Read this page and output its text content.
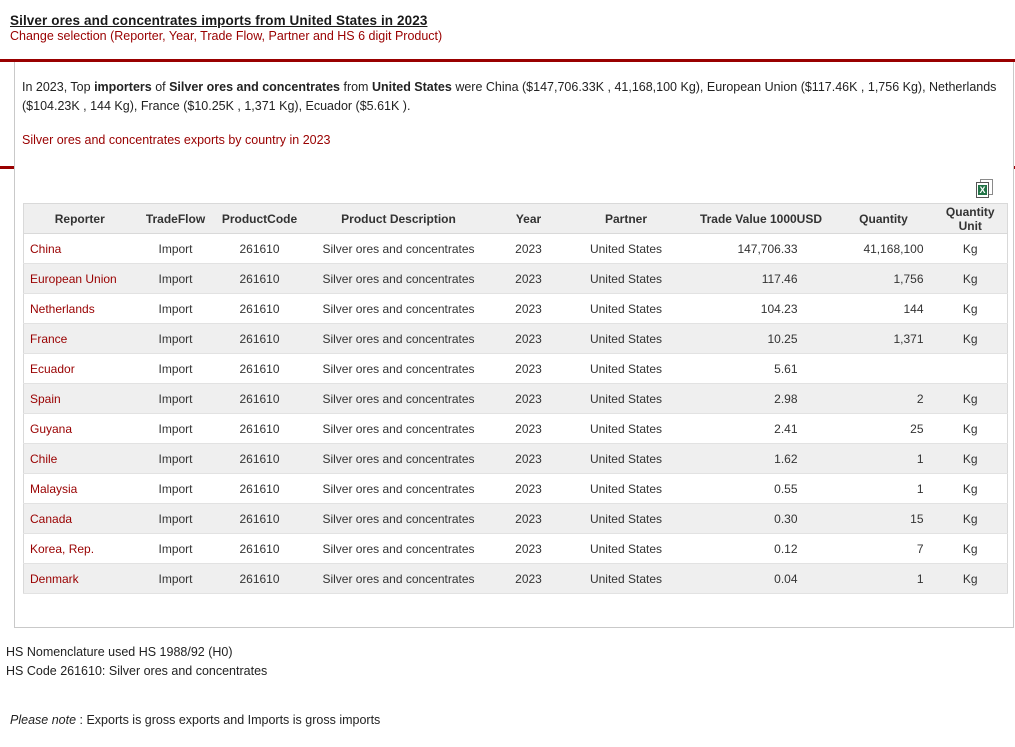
Silver ores and concentrates imports from United States in 2023
Change selection (Reporter, Year, Trade Flow, Partner and HS 6 digit Product)

In 2023, Top importers of Silver ores and concentrates from United States were China ($147,706.33K , 41,168,100 Kg), European Union ($117.46K , 1,756 Kg), Netherlands ($104.23K , 144 Kg), France ($10.25K , 1,371 Kg), Ecuador ($5.61K ).

Silver ores and concentrates exports by country in 2023
X
Reporter	TradeFlow	ProductCode	Product Description	Year	Partner	Trade Value 1000USD	Quantity	Quantity Unit
China	Import	261610	Silver ores and concentrates	2023	United States	147,706.33	41,168,100	Kg
European Union	Import	261610	Silver ores and concentrates	2023	United States	117.46	1,756	Kg
Netherlands	Import	261610	Silver ores and concentrates	2023	United States	104.23	144	Kg
France	Import	261610	Silver ores and concentrates	2023	United States	10.25	1,371	Kg
Ecuador	Import	261610	Silver ores and concentrates	2023	United States	5.61		
Spain	Import	261610	Silver ores and concentrates	2023	United States	2.98	2	Kg
Guyana	Import	261610	Silver ores and concentrates	2023	United States	2.41	25	Kg
Chile	Import	261610	Silver ores and concentrates	2023	United States	1.62	1	Kg
Malaysia	Import	261610	Silver ores and concentrates	2023	United States	0.55	1	Kg
Canada	Import	261610	Silver ores and concentrates	2023	United States	0.30	15	Kg
Korea, Rep.	Import	261610	Silver ores and concentrates	2023	United States	0.12	7	Kg
Denmark	Import	261610	Silver ores and concentrates	2023	United States	0.04	1	Kg
HS Nomenclature used HS 1988/92 (H0)
HS Code 261610: Silver ores and concentrates

Please note : Exports is gross exports and Imports is gross imports
